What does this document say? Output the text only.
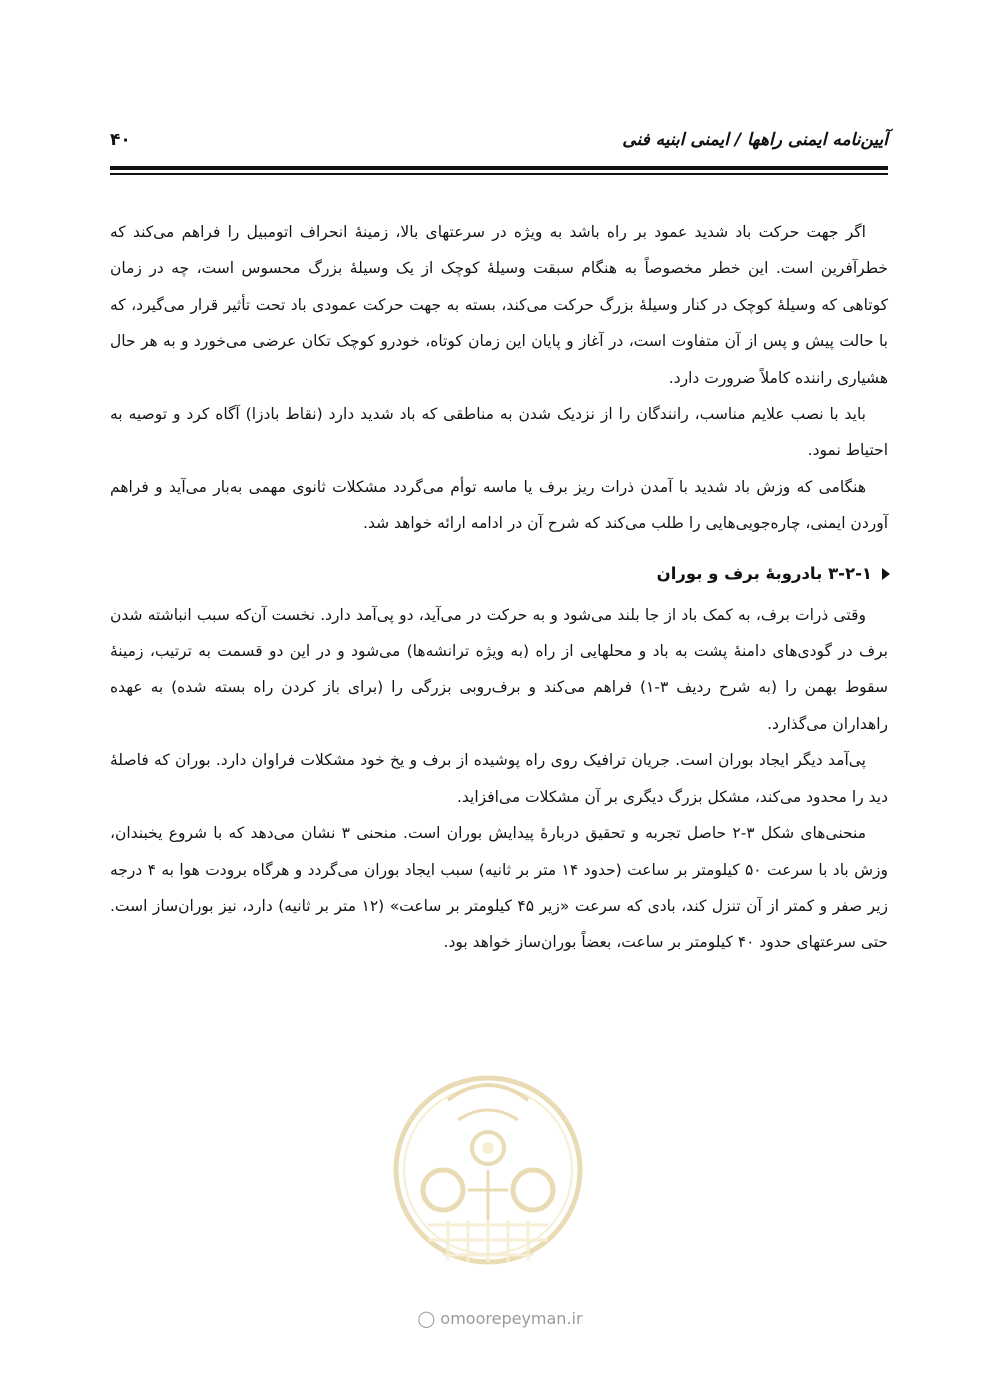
آیین‌نامه ایمنی راهها / ایمنی ابنیه فنی
۴۰

اگر جهت حرکت باد شدید عمود بر راه باشد به ویژه در سرعتهای بالا، زمینهٔ انحراف اتومبیل را فراهم می‌کند که خطرآفرین است. این خطر مخصوصاً به هنگام سبقت وسیلهٔ کوچک از یک وسیلهٔ بزرگ محسوس است، چه در زمان کوتاهی که وسیلهٔ کوچک در کنار وسیلهٔ بزرگ حرکت می‌کند، بسته به جهت حرکت عمودی باد تحت تأثیر قرار می‌گیرد، که با حالت پیش و پس از آن متفاوت است، در آغاز و پایان این زمان کوتاه، خودرو کوچک تکان عرضی می‌خورد و به هر حال هشیاری راننده کاملاً ضرورت دارد.

باید با نصب علایم مناسب، رانندگان را از نزدیک شدن به مناطقی که باد شدید دارد (نقاط بادزا) آگاه کرد و توصیه به احتیاط نمود.

هنگامی که وزش باد شدید با آمدن ذرات ریز برف یا ماسه توأم می‌گردد مشکلات ثانوی مهمی به‌بار می‌آید و فراهم آوردن ایمنی، چاره‌جویی‌هایی را طلب می‌کند که شرح آن در ادامه ارائه خواهد شد.

۳-۲-۱ بادروبهٔ برف و بوران

وقتی ذرات برف، به کمک باد از جا بلند می‌شود و به حرکت در می‌آید، دو پی‌آمد دارد. نخست آن‌که سبب انباشته شدن برف در گودی‌های دامنهٔ پشت به باد و محلهایی از راه (به ویژه ترانشه‌ها) می‌شود و در این دو قسمت به ترتیب، زمینهٔ سقوط بهمن را (به شرح ردیف ۳-۱) فراهم می‌کند و برف‌روبی بزرگی را (برای باز کردن راه بسته شده) به عهده راهداران می‌گذارد.

پی‌آمد دیگر ایجاد بوران است. جریان ترافیک روی راه پوشیده از برف و یخ خود مشکلات فراوان دارد. بوران که فاصلهٔ دید را محدود می‌کند، مشکل بزرگ دیگری بر آن مشکلات می‌افزاید.

منحنی‌های شکل ۳-۲ حاصل تجربه و تحقیق دربارهٔ پیدایش بوران است. منحنی ۳ نشان می‌دهد که با شروع یخبندان، وزش باد با سرعت ۵۰ کیلومتر بر ساعت (حدود ۱۴ متر بر ثانیه) سبب ایجاد بوران می‌گردد و هرگاه برودت هوا به ۴ درجه زیر صفر و کمتر از آن تنزل کند، بادی که سرعت «زیر ۴۵ کیلومتر بر ساعت» (۱۲ متر بر ثانیه) دارد، نیز بوران‌ساز است. حتی سرعتهای حدود ۴۰ کیلومتر بر ساعت، بعضاً بوران‌ساز خواهد بود.

◯ omoorepeyman.ir
